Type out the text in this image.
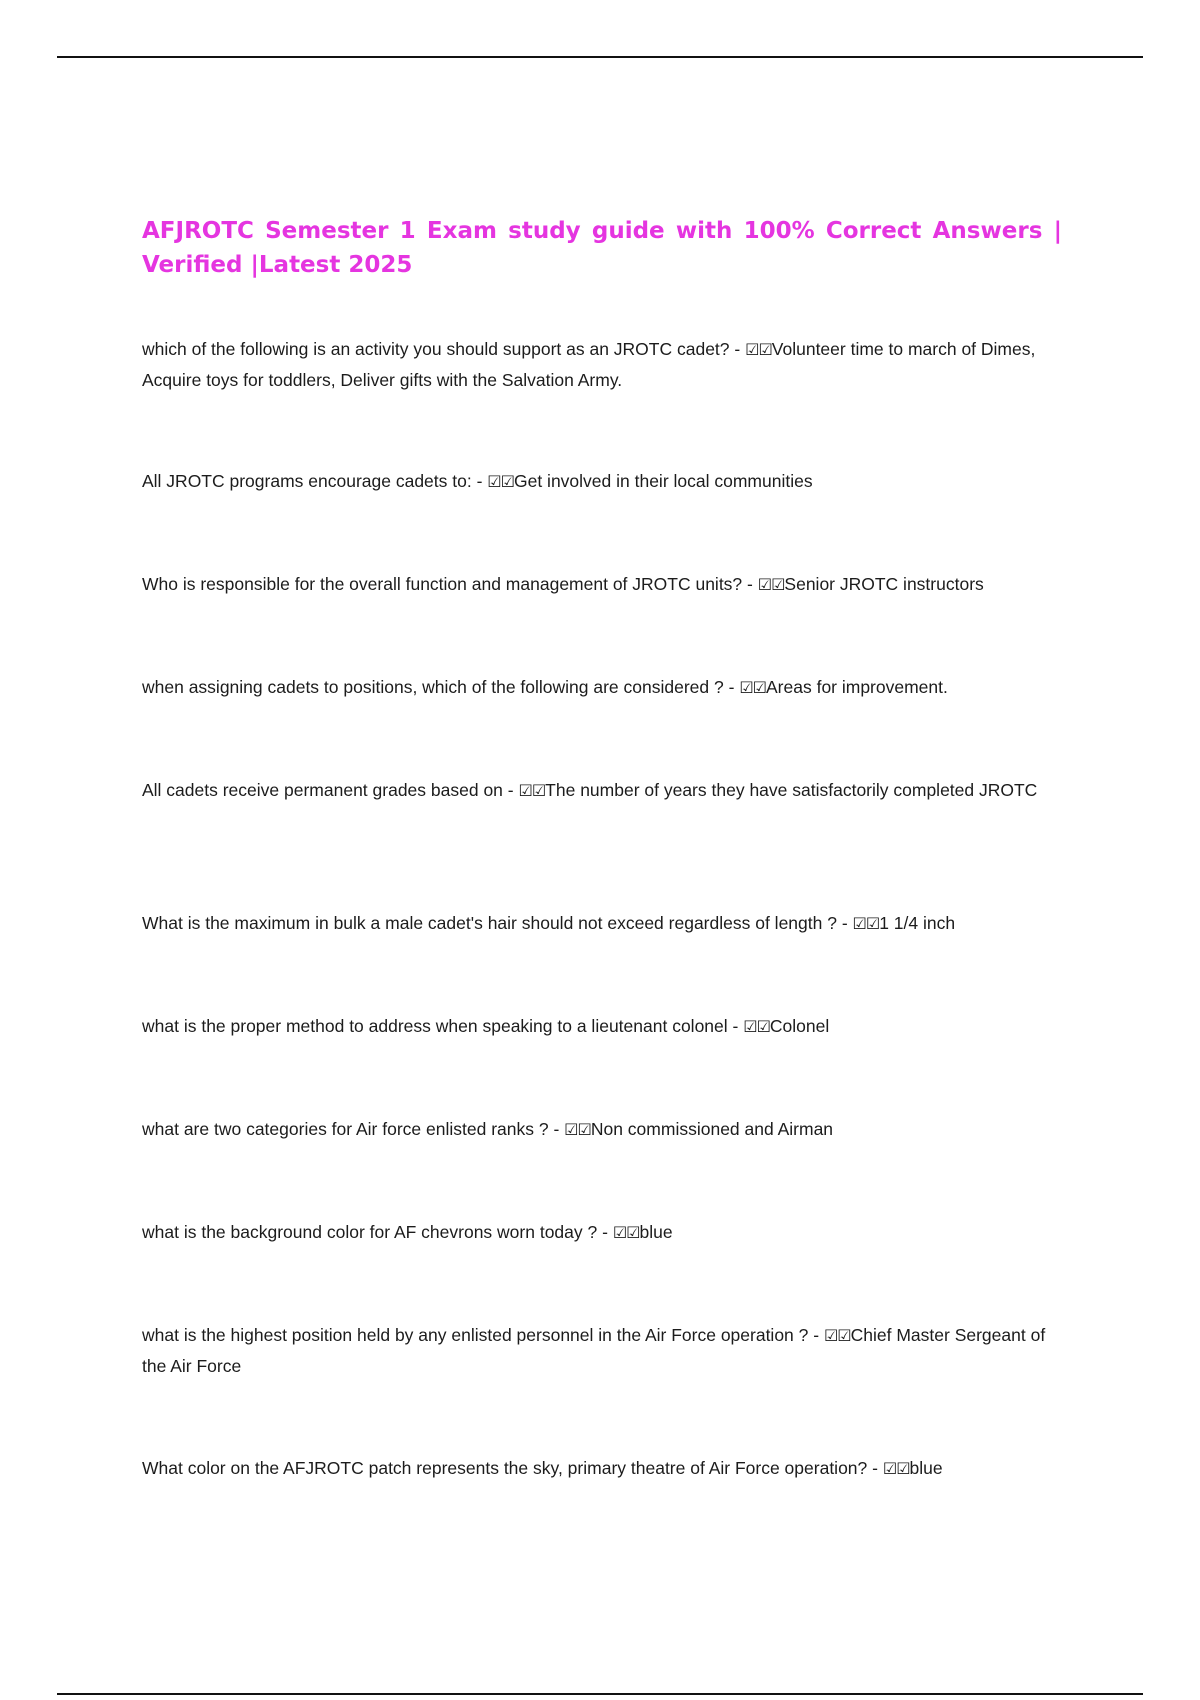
AFJROTC Semester 1 Exam study guide with 100% Correct Answers | Verified |Latest 2025

which of the following is an activity you should support as an JROTC cadet? - ☑☑Volunteer time to march of Dimes, Acquire toys for toddlers, Deliver gifts with the Salvation Army.

All JROTC programs encourage cadets to: - ☑☑Get involved in their local communities

Who is responsible for the overall function and management of JROTC units? - ☑☑Senior JROTC instructors

when assigning cadets to positions, which of the following are considered ? - ☑☑Areas for improvement.

All cadets receive permanent grades based on - ☑☑The number of years they have satisfactorily completed JROTC

What is the maximum in bulk a male cadet's hair should not exceed regardless of length ? - ☑☑1 1/4 inch

what is the proper method to address when speaking to a lieutenant colonel - ☑☑Colonel

what are two categories for Air force enlisted ranks ? - ☑☑Non commissioned and Airman

what is the background color for AF chevrons worn today ? - ☑☑blue

what is the highest position held by any enlisted personnel in the Air Force operation ? - ☑☑Chief Master Sergeant of the Air Force

What color on the AFJROTC patch represents the sky, primary theatre of Air Force operation? - ☑☑blue
